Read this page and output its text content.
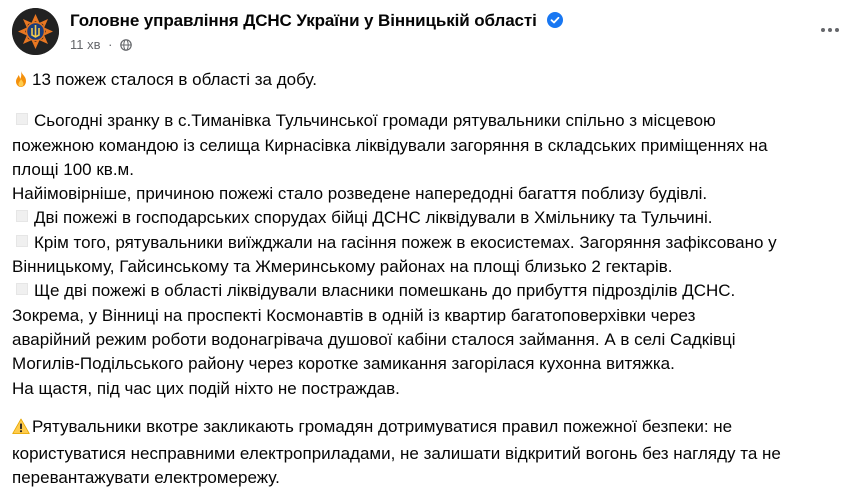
Головне управління ДСНС України у Вінницькій області
11 хв ·

13 пожеж сталося в області за добу.

Сьогодні зранку в с.Тиманівка Тульчинської громади рятувальники спільно з місцевою

пожежною командою із селища Кирнасівка ліквідували загоряння в складських приміщеннях на

площі 100 кв.м.

Найімовірніше, причиною пожежі стало розведене напередодні багаття поблизу будівлі.

Дві пожежі в господарських спорудах бійці ДСНС ліквідували в Хмільнику та Тульчині.

Крім того, рятувальники виїжджали на гасіння пожеж в екосистемах. Загоряння зафіксовано у

Вінницькому, Гайсинському та Жмеринському районах на площі близько 2 гектарів.

Ще дві пожежі в області ліквідували власники помешкань до прибуття підрозділів ДСНС.

Зокрема, у Вінниці на проспекті Космонавтів в одній із квартир багатоповерхівки через

аварійний режим роботи водонагрівача душової кабіни сталося займання. А в селі Садківці

Могилів-Подільського району через коротке замикання загорілася кухонна витяжка.

На щастя, під час цих подій ніхто не постраждав.

Рятувальники вкотре закликають громадян дотримуватися правил пожежної безпеки: не

користуватися несправними електроприладами, не залишати відкритий вогонь без нагляду та не

перевантажувати електромережу.
